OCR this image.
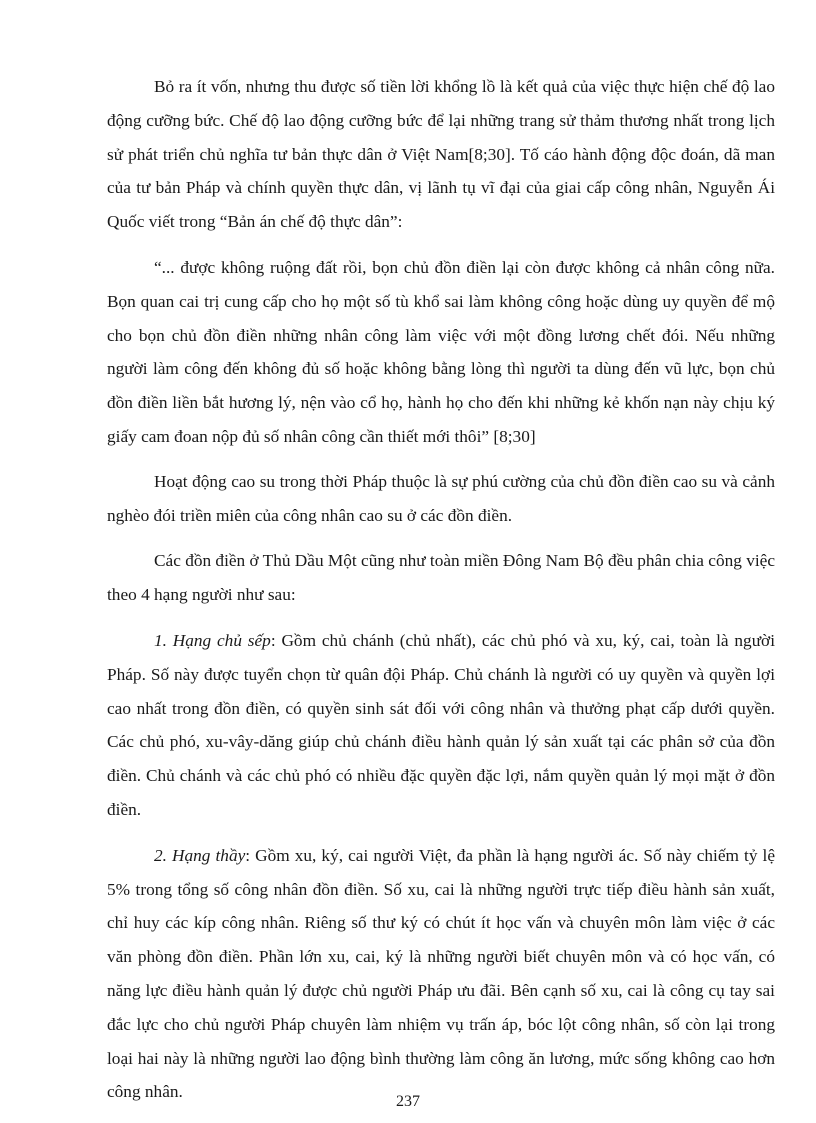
Bỏ ra ít vốn, nhưng thu được số tiền lời khổng lồ là kết quả của việc thực hiện chế độ lao động cưỡng bức. Chế độ lao động cưỡng bức để lại những trang sử thảm thương nhất trong lịch sử phát triển chủ nghĩa tư bản thực dân ở Việt Nam[8;30]. Tố cáo hành động độc đoán, dã man của tư bản Pháp và chính quyền thực dân, vị lãnh tụ vĩ đại của giai cấp công nhân, Nguyễn Ái Quốc viết trong “Bản án chế độ thực dân”:

“... được không ruộng đất rồi, bọn chủ đồn điền lại còn được không cả nhân công nữa. Bọn quan cai trị cung cấp cho họ một số tù khổ sai làm không công hoặc dùng uy quyền để mộ cho bọn chủ đồn điền những nhân công làm việc với một đồng lương chết đói. Nếu những người làm công đến không đủ số hoặc không bằng lòng thì người ta dùng đến vũ lực, bọn chủ đồn điền liền bắt hương lý, nện vào cổ họ, hành họ cho đến khi những kẻ khốn nạn này chịu ký giấy cam đoan nộp đủ số nhân công cần thiết mới thôi” [8;30]

Hoạt động cao su trong thời Pháp thuộc là sự phú cường của chủ đồn điền cao su và cảnh nghèo đói triền miên của công nhân cao su ở các đồn điền.

Các đồn điền ở Thủ Dầu Một cũng như toàn miền Đông Nam Bộ đều phân chia công việc theo 4 hạng người như sau:

1. Hạng chủ sếp: Gồm chủ chánh (chủ nhất), các chủ phó và xu, ký, cai, toàn là người Pháp. Số này được tuyển chọn từ quân đội Pháp. Chủ chánh là người có uy quyền và quyền lợi cao nhất trong đồn điền, có quyền sinh sát đối với công nhân và thưởng phạt cấp dưới quyền. Các chủ phó, xu-vây-dăng giúp chủ chánh điều hành quản lý sản xuất tại các phân sở của đồn điền. Chủ chánh và các chủ phó có nhiều đặc quyền đặc lợi, nắm quyền quản lý mọi mặt ở đồn điền.

2. Hạng thầy: Gồm xu, ký, cai người Việt, đa phần là hạng người ác. Số này chiếm tỷ lệ 5% trong tổng số công nhân đồn điền. Số xu, cai là những người trực tiếp điều hành sản xuất, chỉ huy các kíp công nhân. Riêng số thư ký có chút ít học vấn và chuyên môn làm việc ở các văn phòng đồn điền. Phần lớn xu, cai, ký là những người biết chuyên môn và có học vấn, có năng lực điều hành quản lý được chủ người Pháp ưu đãi. Bên cạnh số xu, cai là công cụ tay sai đắc lực cho chủ người Pháp chuyên làm nhiệm vụ trấn áp, bóc lột công nhân, số còn lại trong loại hai này là những người lao động bình thường làm công ăn lương, mức sống không cao hơn công nhân.

237
